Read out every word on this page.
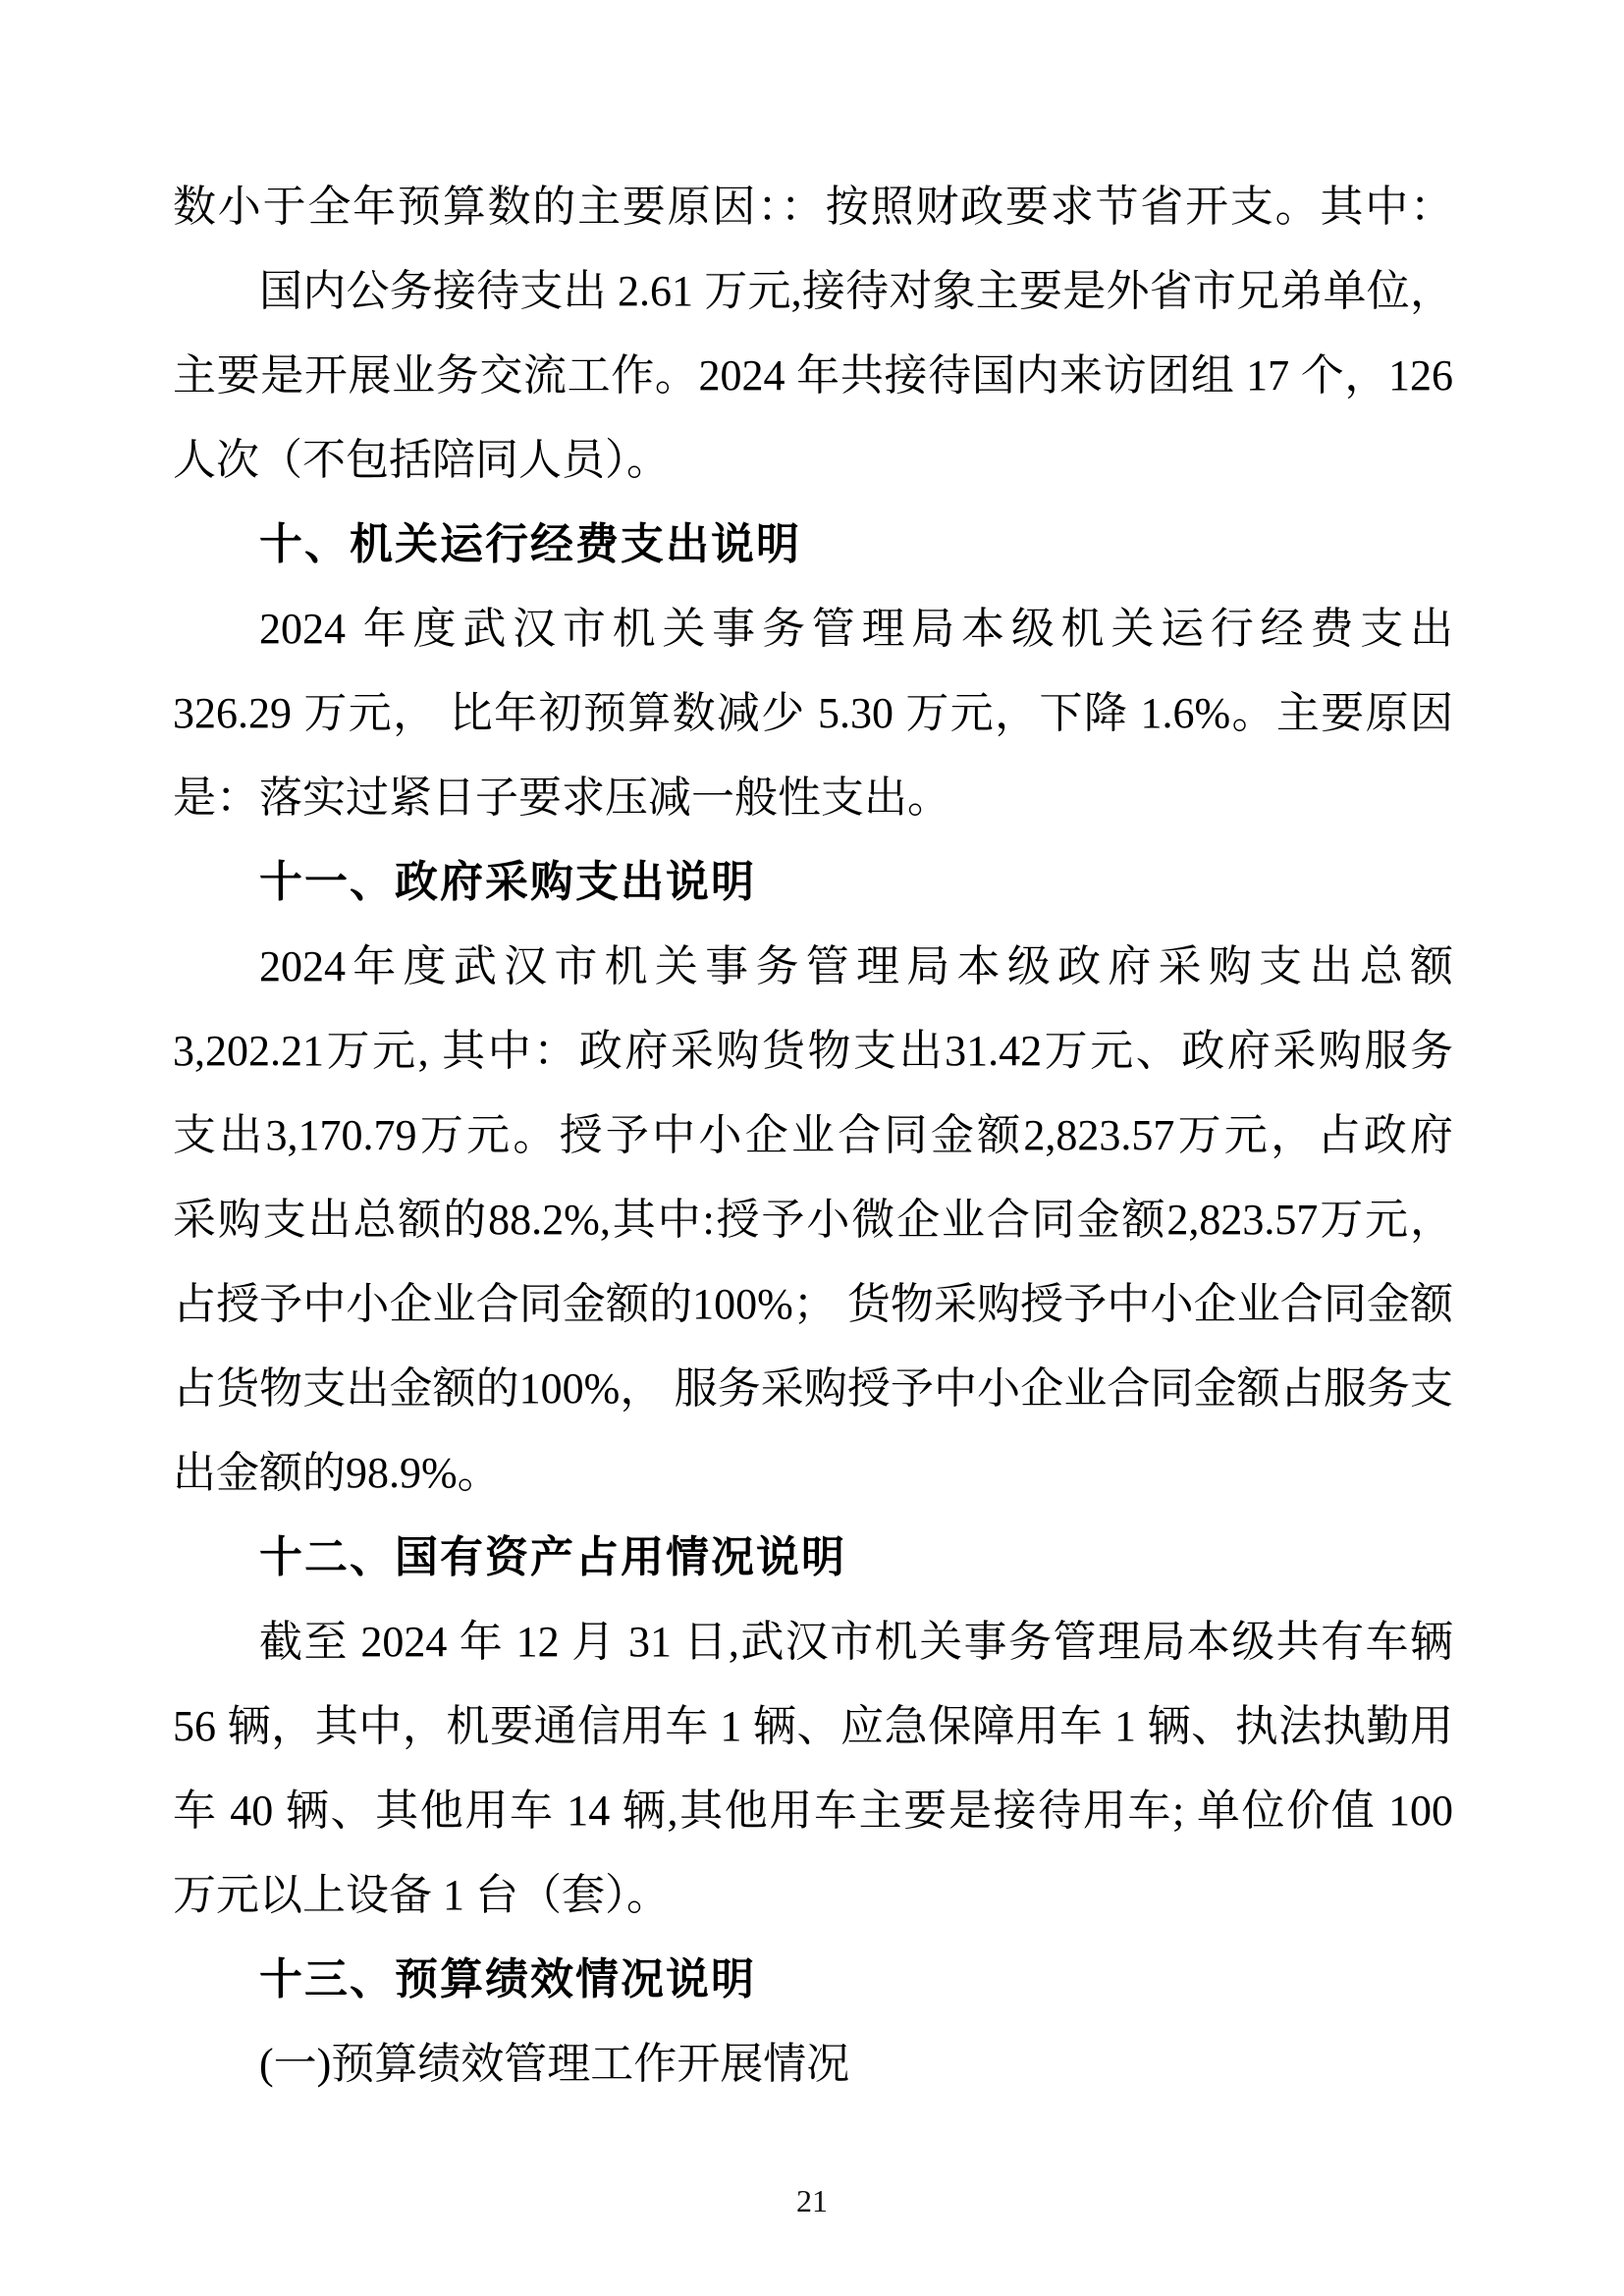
数小于全年预算数的主要原因：：按照财政要求节省开支。其中：
国内公务接待支出 2.61 万元,接待对象主要是外省市兄弟单位，
主要是开展业务交流工作。2024 年共接待国内来访团组 17 个，126
人次（不包括陪同人员）。
十、机关运行经费支出说明
2024 年度武汉市机关事务管理局本级机关运行经费支出
326.29 万元， 比年初预算数减少 5.30 万元，下降 1.6%。主要原因
是：落实过紧日子要求压减一般性支出。
十一、政府采购支出说明
2024年度武汉市机关事务管理局本级政府采购支出总额
3,202.21万元, 其中：政府采购货物支出31.42万元、政府采购服务
支出3,170.79万元。授予中小企业合同金额2,823.57万元，占政府
采购支出总额的88.2%,其中:授予小微企业合同金额2,823.57万元，
占授予中小企业合同金额的100%； 货物采购授予中小企业合同金额
占货物支出金额的100%， 服务采购授予中小企业合同金额占服务支
出金额的98.9%。
十二、国有资产占用情况说明
截至 2024 年 12 月 31 日,武汉市机关事务管理局本级共有车辆
56 辆，其中，机要通信用车 1 辆、应急保障用车 1 辆、执法执勤用
车 40 辆、其他用车 14 辆,其他用车主要是接待用车; 单位价值 100
万元以上设备 1 台（套）。
十三、预算绩效情况说明
(一)预算绩效管理工作开展情况
21
